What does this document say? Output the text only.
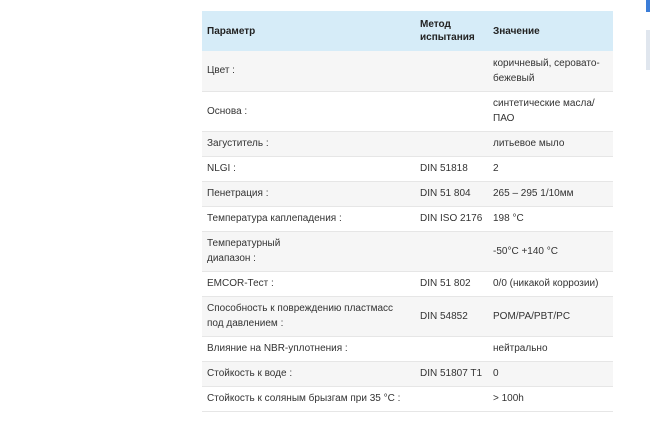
Параметр	Метод испытания	Значение
Цвет :		коричневый, серовато-бежевый
Основа :		синтетические масла/ПАО
Загуститель :		литьевое мыло
NLGI :	DIN 51818	2
Пенетрация :	DIN 51 804	265 – 295 1/10мм
Температура каплепадения :	DIN ISO 2176	198 °C
Температурный диапазон :		-50°C +140 °C
EMCOR-Тест :	DIN 51 802	0/0 (никакой коррозии)
Способность к повреждению пластмасс под давлением :	DIN 54852	POM/PA/PBT/PC
Влияние на NBR-уплотнения :		нейтрально
Стойкость к воде :	DIN 51807 T1	0
Стойкость к соляным брызгам при 35 °C :		> 100h
